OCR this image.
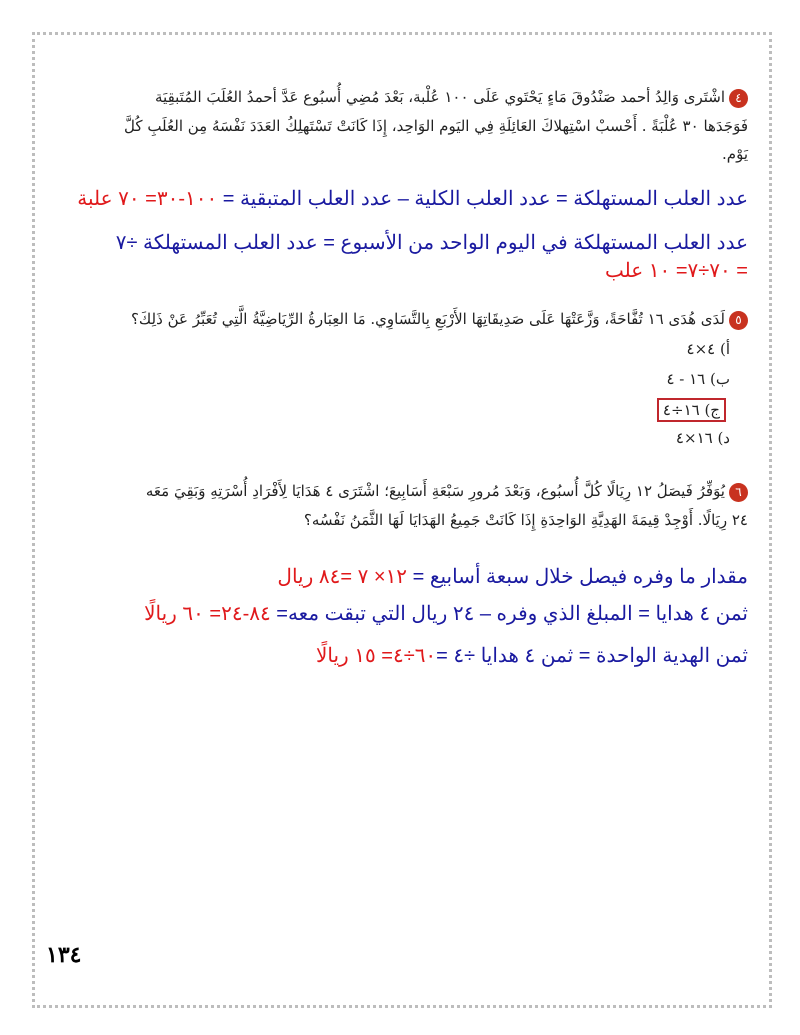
٤اشْتَرى وَالِدُ أحمد صَنْدُوقَ مَاءٍ يَحْتَوي عَلَى ١٠٠ عُلْبة، بَعْدَ مُضِي أُسبُوع عَدَّ أحمدُ العُلَبَ المُتَبقِيَة
فَوَجَدَها ٣٠ عُلْبَةً . أَحْسبْ اسْتِهلاكَ العَائِلَةِ فِي اليَوم الوَاحِد، إِذَا كَانَتْ تَسْتَهلِكُ العَدَدَ نَفْسَهُ مِن العُلَبِ كُلَّ
يَوْم.
عدد العلب المستهلكة = عدد العلب الكلية – عدد العلب المتبقية = ١٠٠-٣٠= ٧٠ علبة
عدد العلب المستهلكة في اليوم الواحد من الأسبوع = عدد العلب المستهلكة ÷٧
= ٧٠÷٧= ١٠ علب
٥لَدَى هُدَى ١٦ تُفَّاحَةً، وَزَّعَتْهَا عَلَى صَدِيقَاتِهَا الأَرْبَعِ بِالتَّسَاوِي. مَا العِبَارةُ الرِّيَاضِيَّةُ الَّتِي تُعَبِّرُ عَنْ ذَلِكَ؟
أ) ٤×٤
ب) ١٦ - ٤
ج) ١٦÷٤
د) ١٦×٤
٦يُوَفِّرُ فَيصَلُ ١٢ رِيَالًا كُلَّ أُسبُوع، وَبَعْدَ مُرورِ سَبْعَةِ أَسَابِيعَ؛ اشْتَرَى ٤ هَدَايَا لِأَفْرَادِ أُسْرَتِهِ وَبَقِيَ مَعَه
٢٤ رِيَالًا. أَوْجِدْ قِيمَةَ الهَدِيَّةِ الوَاحِدَةِ إِذَا كَانَتْ جَمِيعُ الهَدَايَا لَهَا الثَّمَنُ نَفْسُه؟
مقدار ما وفره فيصل خلال سبعة أسابيع = ١٢× ٧ =٨٤ ريال
ثمن ٤ هدايا = المبلغ الذي وفره – ٢٤ ريال التي تبقت معه= ٨٤-٢٤= ٦٠ ريالًا
ثمن الهدية الواحدة = ثمن ٤ هدايا ÷٤ =٦٠÷٤= ١٥ ريالًا
١٣٤
